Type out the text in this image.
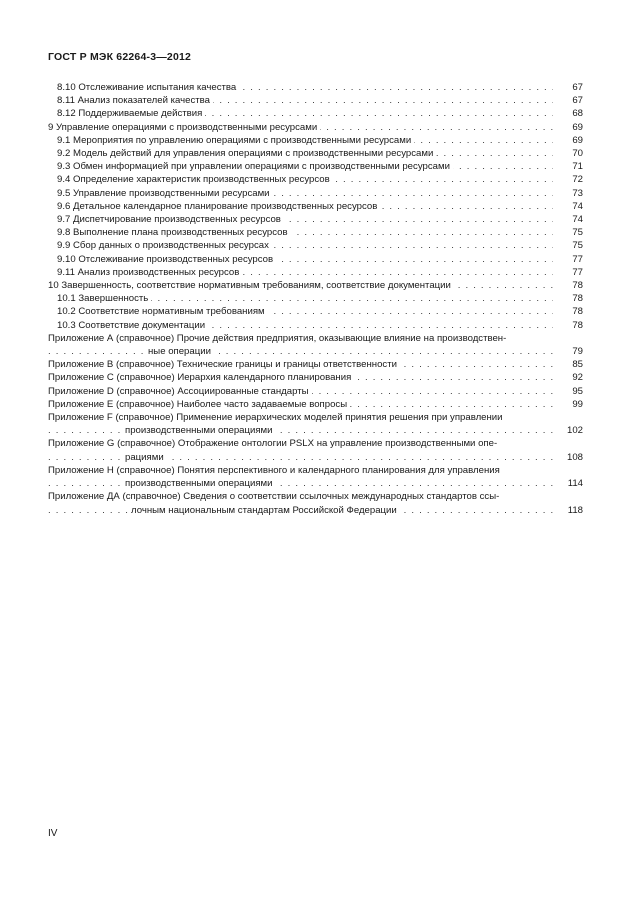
ГОСТ Р МЭК 62264-3—2012
8.10 Отслеживание испытания качества . . .	67
8.11 Анализ показателей качества . . .	67
8.12 Поддерживаемые действия . . .	68
9 Управление операциями с производственными ресурсами . . .	69
9.1 Мероприятия по управлению операциями с производственными ресурсами . . .	69
9.2 Модель действий для управления операциями с производственными ресурсами . . .	70
9.3 Обмен информацией при управлении операциями с производственными ресурсами . . .	71
9.4 Определение характеристик производственных ресурсов . . .	72
9.5 Управление производственными ресурсами . . .	73
9.6 Детальное календарное планирование производственных ресурсов . . .	74
9.7 Диспетчирование производственных ресурсов . . .	74
9.8 Выполнение плана производственных ресурсов . . .	75
9.9 Сбор данных о производственных ресурсах . . .	75
9.10 Отслеживание производственных ресурсов . . .	77
9.11 Анализ производственных ресурсов . . .	77
10 Завершенность, соответствие нормативным требованиям, соответствие документации . . .	78
10.1 Завершенность . . .	78
10.2 Соответствие нормативным требованиям . . .	78
10.3 Соответствие документации . . .	78
Приложение А (справочное) Прочие действия предприятия, оказывающие влияние на производствен-
ные операции . . .	79
Приложение В (справочное) Технические границы и границы ответственности . . .	85
Приложение С (справочное) Иерархия календарного планирования . . .	92
Приложение D (справочное) Ассоциированные стандарты . . .	95
Приложение Е (справочное) Наиболее часто задаваемые вопросы . . .	99
Приложение F (справочное) Применение иерархических моделей принятия решения при управлении
производственными операциями . . .	102
Приложение G (справочное) Отображение онтологии PSLX на управление производственными опе-
рациями . . .	108
Приложение Н (справочное) Понятия перспективного и календарного планирования для управления
производственными операциями . . .	114
Приложение ДА (справочное) Сведения о соответствии ссылочных международных стандартов ссы-
лочным национальным стандартам Российской Федерации . . .	118
IV
